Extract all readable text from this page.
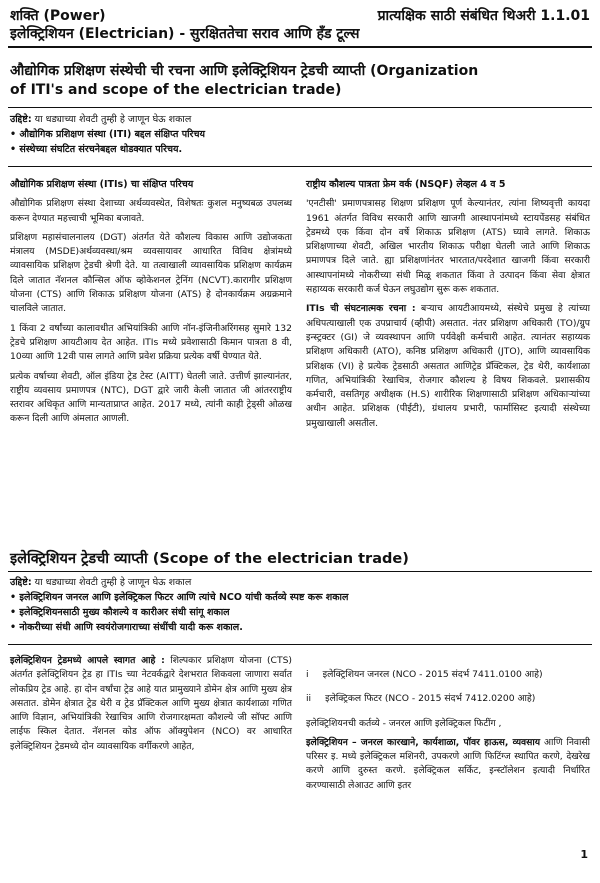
शक्ति (Power)	प्रात्यक्षिक साठी संबंधित थिअरी 1.1.01
इलेक्ट्रिशियन (Electrician) - सुरक्षिततेचा सराव आणि हँड टूल्स
औद्योगिक प्रशिक्षण संस्थेची ची रचना आणि इलेक्ट्रिशियन ट्रेडची व्याप्ती (Organization
of ITI's and scope of the electrician trade)
उद्दिष्टे: या धड्याच्या शेवटी तुम्ही हे जाणून घेऊ शकाल
• औद्योगिक प्रशिक्षण संस्था (ITI) बद्दल संक्षिप्त परिचय
• संस्थेच्या संघटित संरचनेबद्दल थोडक्यात परिचय.
औद्योगिक प्रशिक्षण संस्था (ITIs) चा संक्षिप्त परिचय

औद्योगिक प्रशिक्षण संस्था देशाच्या अर्थव्यवस्थेत, विशेषतः कुशल मनुष्यबळ उपलब्ध करून देण्यात महत्त्वाची भूमिका बजावते.

प्रशिक्षण महासंचालनालय (DGT) अंतर्गत येते कौशल्य विकास आणि उद्योजकता मंत्रालय (MSDE)अर्थव्यवस्था/श्रम व्यवसायावर आधारित विविध क्षेत्रांमध्ये व्यावसायिक प्रशिक्षण ट्रेडची श्रेणी देते. या तत्वाखाली व्यावसायिक प्रशिक्षण कार्यक्रम दिले जातात नॅशनल कौन्सिल ऑफ व्होकेशनल ट्रेनिंग (NCVT).कारागीर प्रशिक्षण योजना (CTS) आणि शिकाऊ प्रशिक्षण योजना (ATS) हे दोनकार्यक्रम अग्रक्रमाने चालविले जातात.

1 किंवा 2 वर्षांच्या कालावधीत अभियांत्रिकी आणि नॉन-इंजिनीअरिंगसह सुमारे 132 ट्रेडचे प्रशिक्षण आयटीआय देत आहेत. ITIs मध्ये प्रवेशासाठी किमान पात्रता 8 वी, 10व्या आणि 12वी पास लागते आणि प्रवेश प्रक्रिया प्रत्येक वर्षी घेण्यात येते.

प्रत्येक वर्षाच्या शेवटी, ऑल इंडिया ट्रेड टेस्ट (AITT) घेतली जाते. उत्तीर्ण झाल्यानंतर, राष्ट्रीय व्यवसाय प्रमाणपत्र (NTC), DGT द्वारे जारी केली जातात जी आंतरराष्ट्रीय स्तरावर अधिकृत आणि मान्यताप्राप्त आहेत. 2017 मध्ये, त्यांनी काही ट्रेड्सी ओळख करून दिली आणि अंमलात आणली.

राष्ट्रीय कौशल्य पात्रता फ्रेम वर्क (NSQF) लेव्हल 4 व 5

'एनटीसी' प्रमाणपत्रासह शिक्षण प्रशिक्षण पूर्ण केल्यानंतर, त्यांना शिष्यवृत्ती कायदा 1961 अंतर्गत विविध सरकारी आणि खाजगी आस्थापनांमध्ये स्टायपेंडसह संबंधित ट्रेडमध्ये एक किंवा दोन वर्षे शिकाऊ प्रशिक्षण (ATS) घ्यावे लागते. शिकाऊ प्रशिक्षणाच्या शेवटी, अखिल भारतीय शिकाऊ परीक्षा घेतली जाते आणि शिकाऊ प्रमाणपत्र दिले जाते. ह्या प्रशिक्षणांनंतर भारतात/परदेशात खाजगी किंवा सरकारी आस्थापनांमध्ये नोकरीच्या संधी मिळू शकतात किंवा ते उत्पादन किंवा सेवा क्षेत्रात सहाय्यक सरकारी कर्ज घेऊन लघुउद्योग सुरू करू शकतात.

ITIs ची संघटनात्मक रचना : बऱ्याच आयटीआयमध्ये, संस्थेचे प्रमुख हे त्यांच्या अधिपत्याखाली एक उपप्राचार्य (व्हीपी) असतात. नंतर प्रशिक्षण अधिकारी (TO)/ग्रुप इन्स्ट्रक्टर (GI) जे व्यवस्थापन आणि पर्यवेक्षी कर्मचारी आहेत. त्यानंतर सहाय्यक प्रशिक्षण अधिकारी (ATO), कनिष्ठ प्रशिक्षण अधिकारी (JTO), आणि व्यावसायिक प्रशिक्षक (VI) हे प्रत्येक ट्रेडसाठी असतात आणिट्रेड प्रॅक्टिकल, ट्रेड थेरी, कार्यशाळा गणित, अभियांत्रिकी रेखाचित्र, रोजगार कौशल्य हे विषय शिकवले. प्रशासकीय कर्मचारी, वसतिगृह अधीक्षक (H.S) शारीरिक शिक्षणासाठी प्रशिक्षण अधिकाऱ्यांच्या अधीन आहेत. प्रशिक्षक (पीईटी), ग्रंथालय प्रभारी, फार्मासिस्ट इत्यादी संस्थेच्या प्रमुखाखाली असतील.

इलेक्ट्रिशियन ट्रेडची व्याप्ती (Scope of the electrician trade)
उद्दिष्टे: या धड्याच्या शेवटी तुम्ही हे जाणून घेऊ शकाल
• इलेक्ट्रिशियन जनरल आणि इलेक्ट्रिकल फिटर आणि त्यांचे NCO यांची कर्तव्ये स्पष्ट करू शकाल
• इलेक्ट्रिशियनसाठी मुख्य कौशल्ये व कारीअर संधी सांगू शकाल
• नोकरीच्या संधी आणि स्वयंरोजगाराच्या संधींची यादी करू शकाल.

इलेक्ट्रिशियन ट्रेडमध्ये आपले स्वागत आहे : शिल्पकार प्रशिक्षण योजना (CTS) अंतर्गत इलेक्ट्रिशियन ट्रेड हा ITIs च्या नेटवर्कद्वारे देशभरात शिकवला जाणारा सर्वात लोकप्रिय ट्रेड आहे. हा दोन वर्षांचा ट्रेड आहे यात प्रामुख्याने डोमेन क्षेत्र आणि मुख्य क्षेत्र असतात. डोमेन क्षेत्रात ट्रेड थेरी व ट्रेड प्रॅक्टिकल आणि मुख्य क्षेत्रात कार्यशाळा गणित आणि विज्ञान, अभियांत्रिकी रेखाचित्र आणि रोजगारक्षमता कौशल्ये जी सॉफ्ट आणि लाईफ स्किल देतात. नॅशनल कोड ऑफ ऑक्युपेशन (NCO) वर आधारित इलेक्ट्रिशियन ट्रेडमध्ये दोन व्यावसायिक वर्गीकरणे आहेत,

i इलेक्ट्रिशियन जनरल (NCO - 2015 संदर्भ 7411.0100 आहे)
ii इलेक्ट्रिकल फिटर (NCO - 2015 संदर्भ 7412.0200 आहे)

इलेक्ट्रिशियनची कर्तव्ये - जनरल आणि इलेक्ट्रिकल फिटींग ,

इलेक्ट्रिशियन – जनरल कारखाने, कार्यशाळा, पॉवर हाऊस, व्यवसाय आणि निवासी परिसर इ. मध्ये इलेक्ट्रिकल मशिनरी, उपकरणे आणि फिटिंग्ज स्थापित करणे, देखरेख करणे आणि दुरुस्त करणे. इलेक्ट्रिकल सर्किट, इन्स्टॉलेशन इत्यादी निर्धारित करण्यासाठी लेआउट आणि इतर

1
